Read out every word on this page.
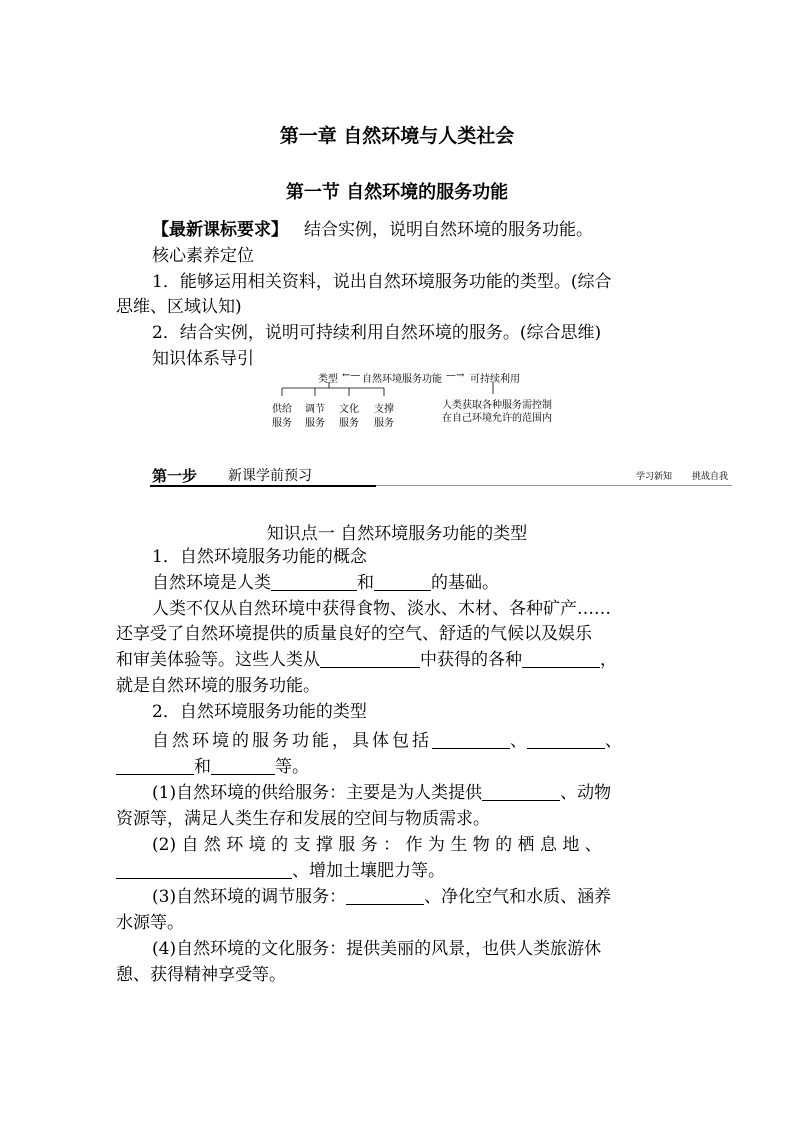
第一章 自然环境与人类社会
第一节 自然环境的服务功能
【最新课标要求】 结合实例，说明自然环境的服务功能。
核心素养定位
1．能够运用相关资料，说出自然环境服务功能的类型。(综合
思维、区域认知)
2．结合实例，说明可持续利用自然环境的服务。(综合思维)
知识体系导引
类型 ←— 自然环境服务功能 —→ 可持续利用
供给
服务
调节
服务
文化
服务
支撑
服务
人类获取各种服务需控制
在自己环境允许的范围内
第一步 新课学前预习	学习新知 挑战自我
知识点一 自然环境服务功能的类型
1．自然环境服务功能的概念
自然环境是人类	和	的基础。
人类不仅从自然环境中获得食物、淡水、木材、各种矿产……
还享受了自然环境提供的质量良好的空气、舒适的气候以及娱乐
和审美体验等。这些人类从	中获得的各种	，
就是自然环境的服务功能。
2．自然环境服务功能的类型
自然环境的服务功能，具体包括	、	、
和	等。
(1)自然环境的供给服务：主要是为人类提供	、动物
资源等，满足人类生存和发展的空间与物质需求。
(2) 自 然 环 境 的 支 撑 服 务 ： 作 为 生 物 的 栖 息 地 、
、增加土壤肥力等。
(3)自然环境的调节服务：	、净化空气和水质、涵养
水源等。
(4)自然环境的文化服务：提供美丽的风景，也供人类旅游休
憩、获得精神享受等。
